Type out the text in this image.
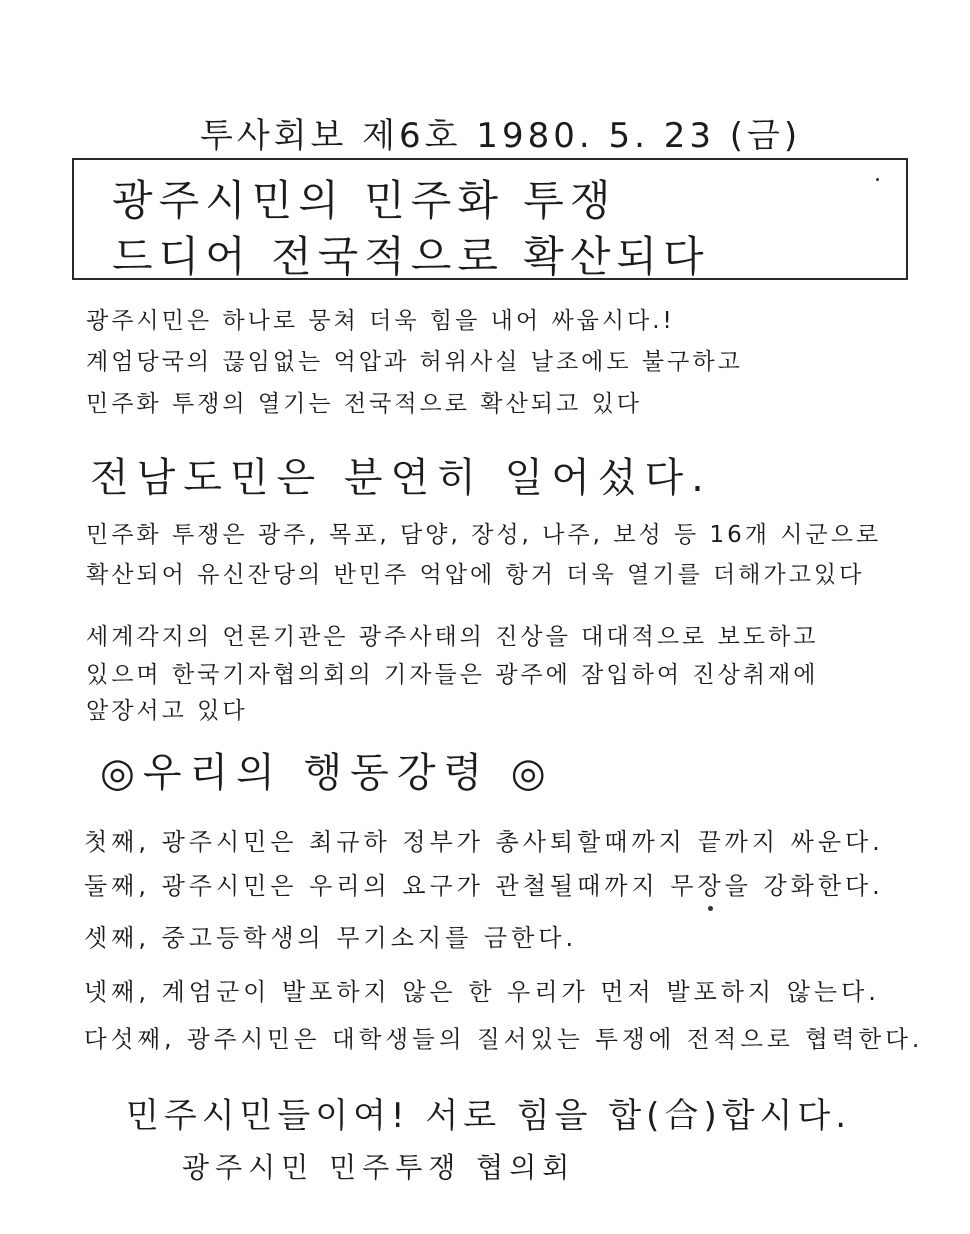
투사회보 제6호 1980. 5. 23 (금)
광주시민의 민주화 투쟁
드디어 전국적으로 확산되다
광주시민은 하나로 뭉쳐 더욱 힘을 내어 싸웁시다.!
계엄당국의 끊임없는 억압과 허위사실 날조에도 불구하고
민주화 투쟁의 열기는 전국적으로 확산되고 있다
전남도민은 분연히 일어섰다.
민주화 투쟁은 광주, 목포, 담양, 장성, 나주, 보성 등 16개 시군으로
확산되어 유신잔당의 반민주 억압에 항거 더욱 열기를 더해가고있다
세계각지의 언론기관은 광주사태의 진상을 대대적으로 보도하고
있으며 한국기자협의회의 기자들은 광주에 잠입하여 진상취재에
앞장서고 있다
◎우리의 행동강령 ◎
첫째, 광주시민은 최규하 정부가 총사퇴할때까지 끝까지 싸운다.
둘째, 광주시민은 우리의 요구가 관철될때까지 무장을 강화한다.
셋째, 중고등학생의 무기소지를 금한다.
넷째, 계엄군이 발포하지 않은 한 우리가 먼저 발포하지 않는다.
다섯째, 광주시민은 대학생들의 질서있는 투쟁에 전적으로 협력한다.
민주시민들이여! 서로 힘을 합(合)합시다.
광주시민 민주투쟁 협의회
